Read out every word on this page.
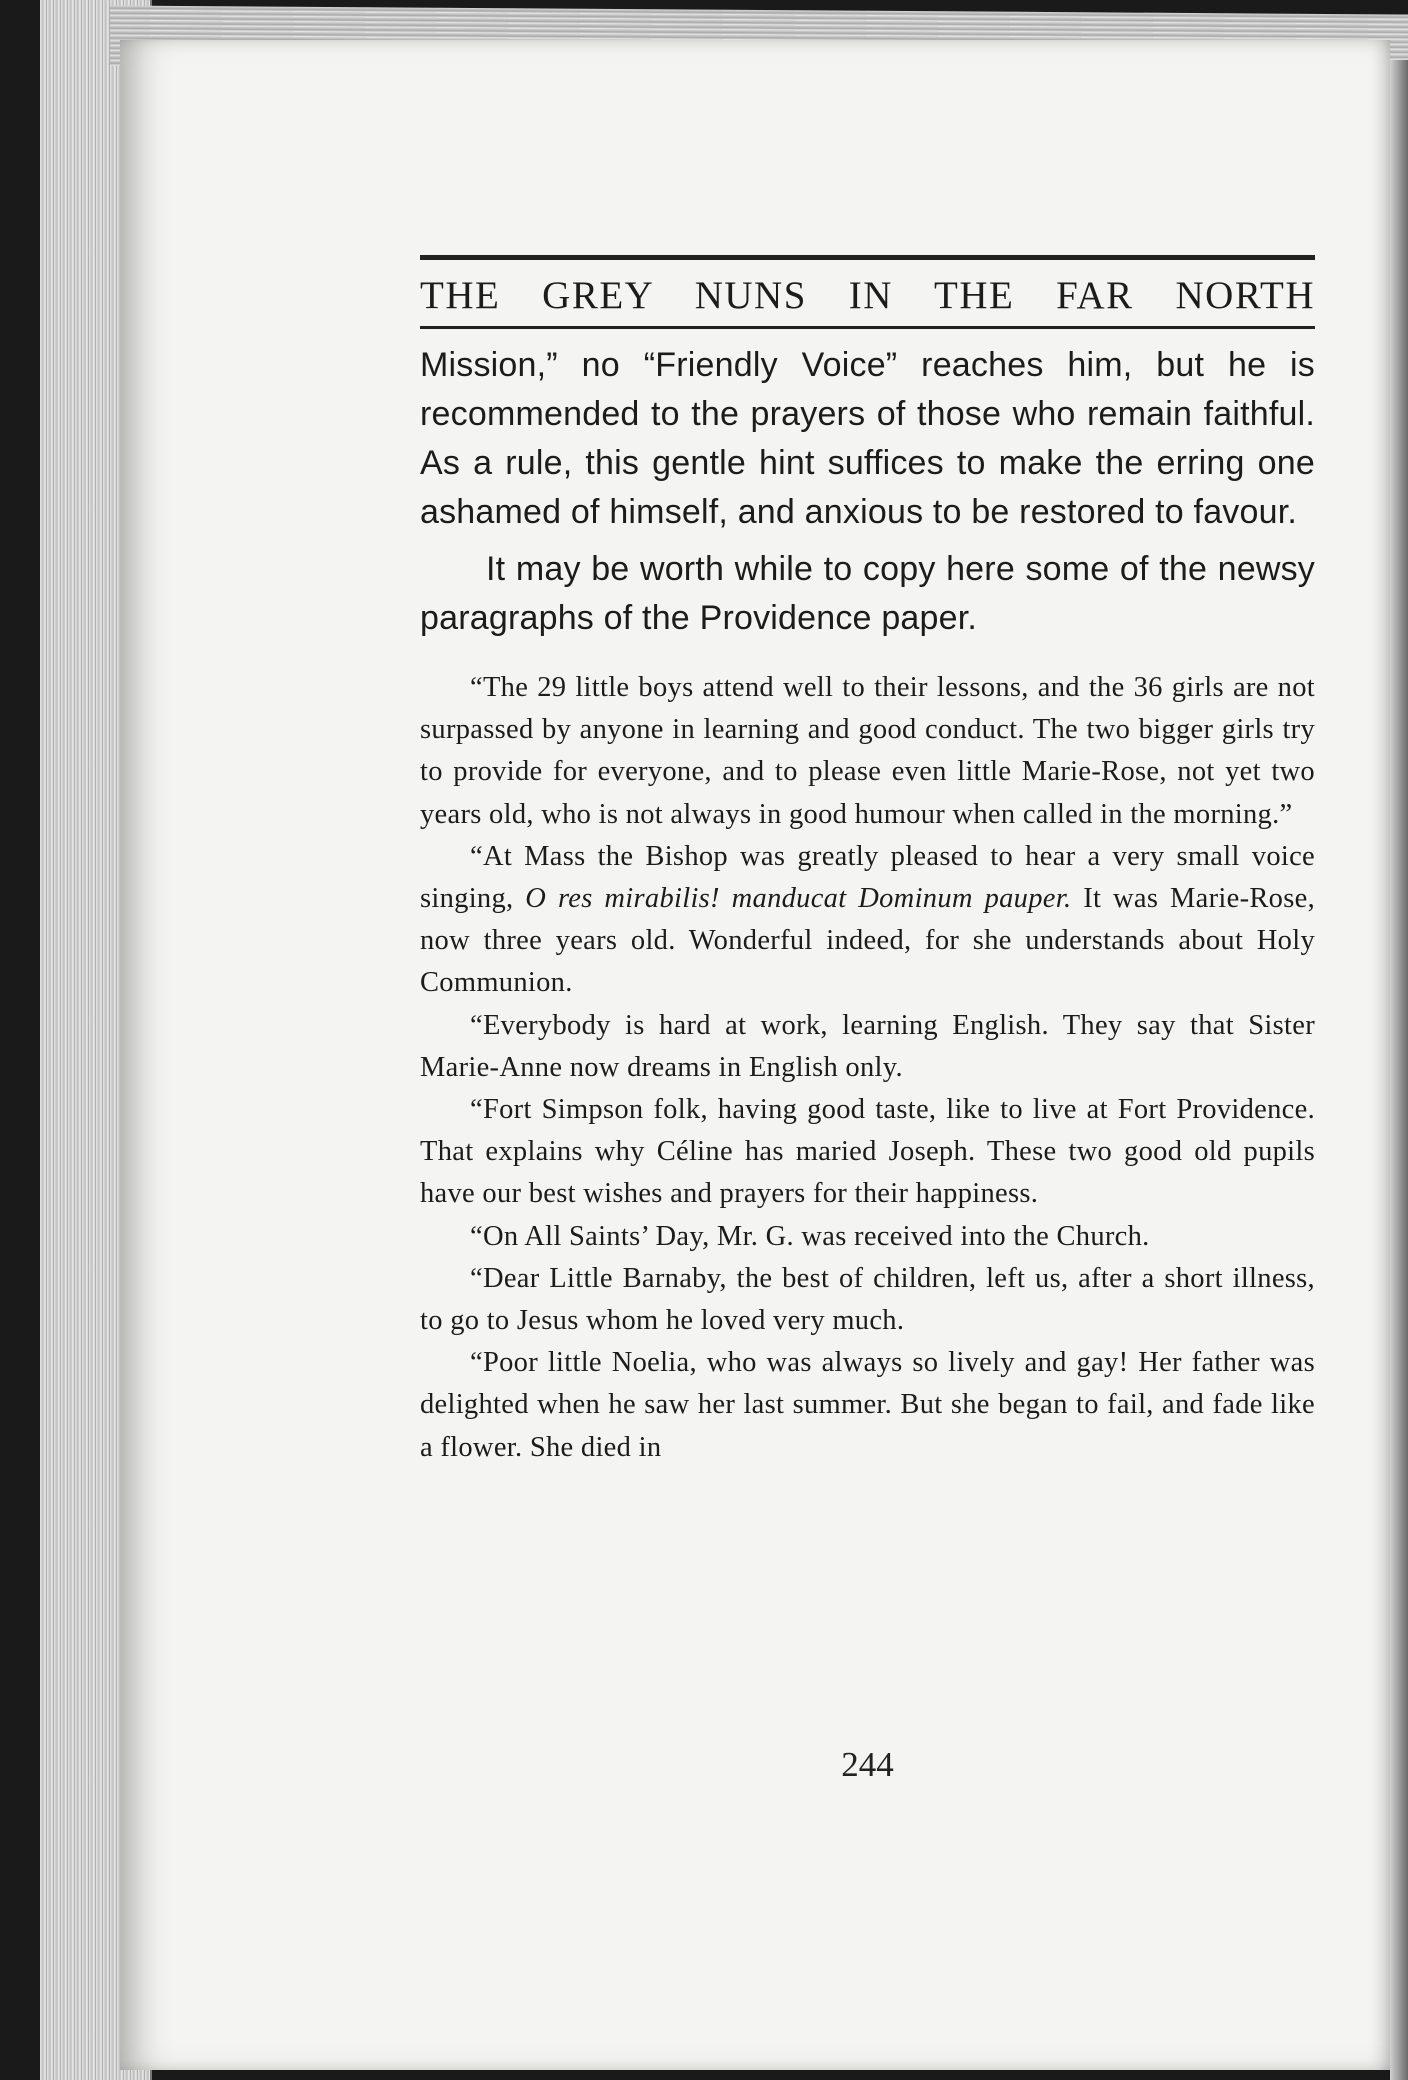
THE GREY NUNS IN THE FAR NORTH

Mission,” no “Friendly Voice” reaches him, but he is recommended to the prayers of those who remain faithful. As a rule, this gentle hint suffices to make the erring one ashamed of himself, and anxious to be restored to favour.

It may be worth while to copy here some of the newsy paragraphs of the Providence paper.

“The 29 little boys attend well to their lessons, and the 36 girls are not surpassed by anyone in learning and good conduct. The two bigger girls try to provide for everyone, and to please even little Marie-Rose, not yet two years old, who is not always in good humour when called in the morning.”

“At Mass the Bishop was greatly pleased to hear a very small voice singing, O res mirabilis! manducat Dominum pauper. It was Marie-Rose, now three years old. Wonderful indeed, for she understands about Holy Communion.

“Everybody is hard at work, learning English. They say that Sister Marie-Anne now dreams in English only.

“Fort Simpson folk, having good taste, like to live at Fort Providence. That explains why Céline has maried Joseph. These two good old pupils have our best wishes and prayers for their happiness.

“On All Saints’ Day, Mr. G. was received into the Church.

“Dear Little Barnaby, the best of children, left us, after a short illness, to go to Jesus whom he loved very much.

“Poor little Noelia, who was always so lively and gay! Her father was delighted when he saw her last summer. But she began to fail, and fade like a flower. She died in

244
